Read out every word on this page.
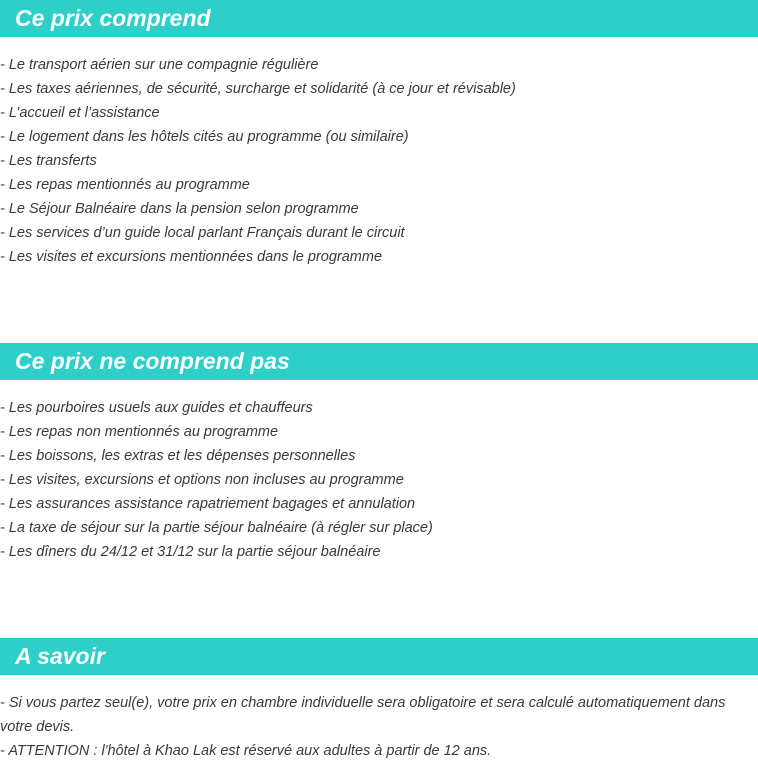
Ce prix comprend
- Le transport aérien sur une compagnie régulière
- Les taxes aériennes, de sécurité, surcharge et solidarité (à ce jour et révisable)
- L’accueil et l’assistance
- Le logement dans les hôtels cités au programme (ou similaire)
- Les transferts
- Les repas mentionnés au programme
- Le Séjour Balnéaire dans la pension selon programme
- Les services d’un guide local parlant Français durant le circuit
- Les visites et excursions mentionnées dans le programme
Ce prix ne comprend pas
- Les pourboires usuels aux guides et chauffeurs
- Les repas non mentionnés au programme
- Les boissons, les extras et les dépenses personnelles
- Les visites, excursions et options non incluses au programme
- Les assurances assistance rapatriement bagages et annulation
- La taxe de séjour sur la partie séjour balnéaire (à régler sur place)
- Les dîners du 24/12 et 31/12 sur la partie séjour balnéaire
A savoir

- Si vous partez seul(e), votre prix en chambre individuelle sera obligatoire et sera calculé automatiquement dans votre devis.

- ATTENTION : l'hôtel à Khao Lak est réservé aux adultes à partir de 12 ans.
